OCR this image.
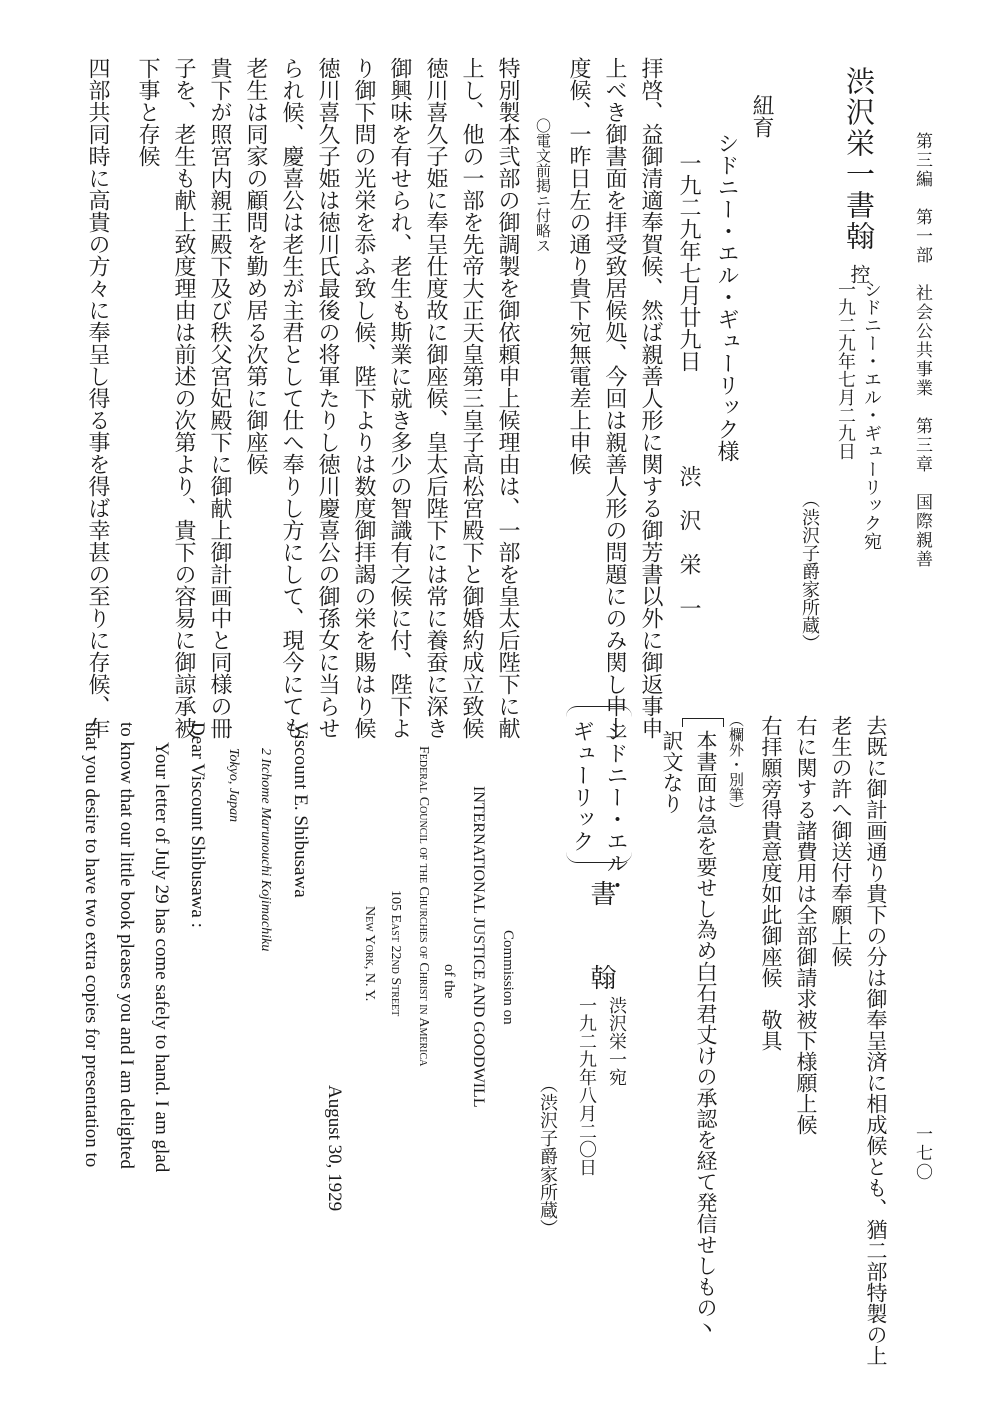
第三編　第一部　社会公共事業　第三章　国際親善
一七〇
渋沢栄一書翰控
シドニー・エル・ギューリック宛
一九二九年七月二九日
（渋沢子爵家所蔵）
紐育
シドニー・エル・ギューリック様
一九二九年七月廿九日
渋　沢　栄　一
拝啓、益御清適奉賀候、然ば親善人形に関する御芳書以外に御返事申
上べき御書面を拝受致居候処、今回は親善人形の問題にのみ関し申上
度候、一昨日左の通り貴下宛無電差上申候
〇電文前掲ニ付略ス
特別製本弐部の御調製を御依頼申上候理由は、一部を皇太后陛下に献
上し、他の一部を先帝大正天皇第三皇子高松宮殿下と御婚約成立致候
徳川喜久子姫に奉呈仕度故に御座候、皇太后陛下には常に養蚕に深き
御興味を有せられ、老生も斯業に就き多少の智識有之候に付、陛下よ
り御下問の光栄を忝ふ致し候、陛下よりは数度御拝謁の栄を賜はり候
徳川喜久子姫は徳川氏最後の将軍たりし徳川慶喜公の御孫女に当らせ
られ候、慶喜公は老生が主君として仕へ奉りし方にして、現今にても
老生は同家の顧問を勤め居る次第に御座候
貴下が照宮内親王殿下及び秩父宮妃殿下に御献上御計画中と同様の冊
子を、老生も献上致度理由は前述の次第より、貴下の容易に御諒承被
下事と存候
四部共同時に高貴の方々に奉呈し得る事を得ば幸甚の至りに存候、乍
去既に御計画通り貴下の分は御奉呈済に相成候とも、猶二部特製の上
老生の許へ御送付奉願上候
右に関する諸費用は全部御請求被下様願上候
右拝願旁得貴意度如此御座候　敬具
（欄外・別筆）
本書面は急を要せし為め白石君丈けの承認を経て発信せしもの丶
訳文なり
シドニー・エル・
ギューリック
書　　翰
渋沢栄一宛
一九二九年八月二〇日
（渋沢子爵家所蔵）
Commission on
INTERNATIONAL JUSTICE AND GOODWILL
of the
Federal Council of the Churches of Christ in America
105 East 22nd Street
New York, N. Y.
August 30, 1929
Viscount E. Shibusawa
2 Itchome Marunouchi Kojimachiku
Tokyo, Japan
Dear Viscount Shibusawa :
Your letter of July 29 has come safely to hand. I am glad
to know that our little book pleases you and I am delighted
that you desire to have two extra copies for presentation to
